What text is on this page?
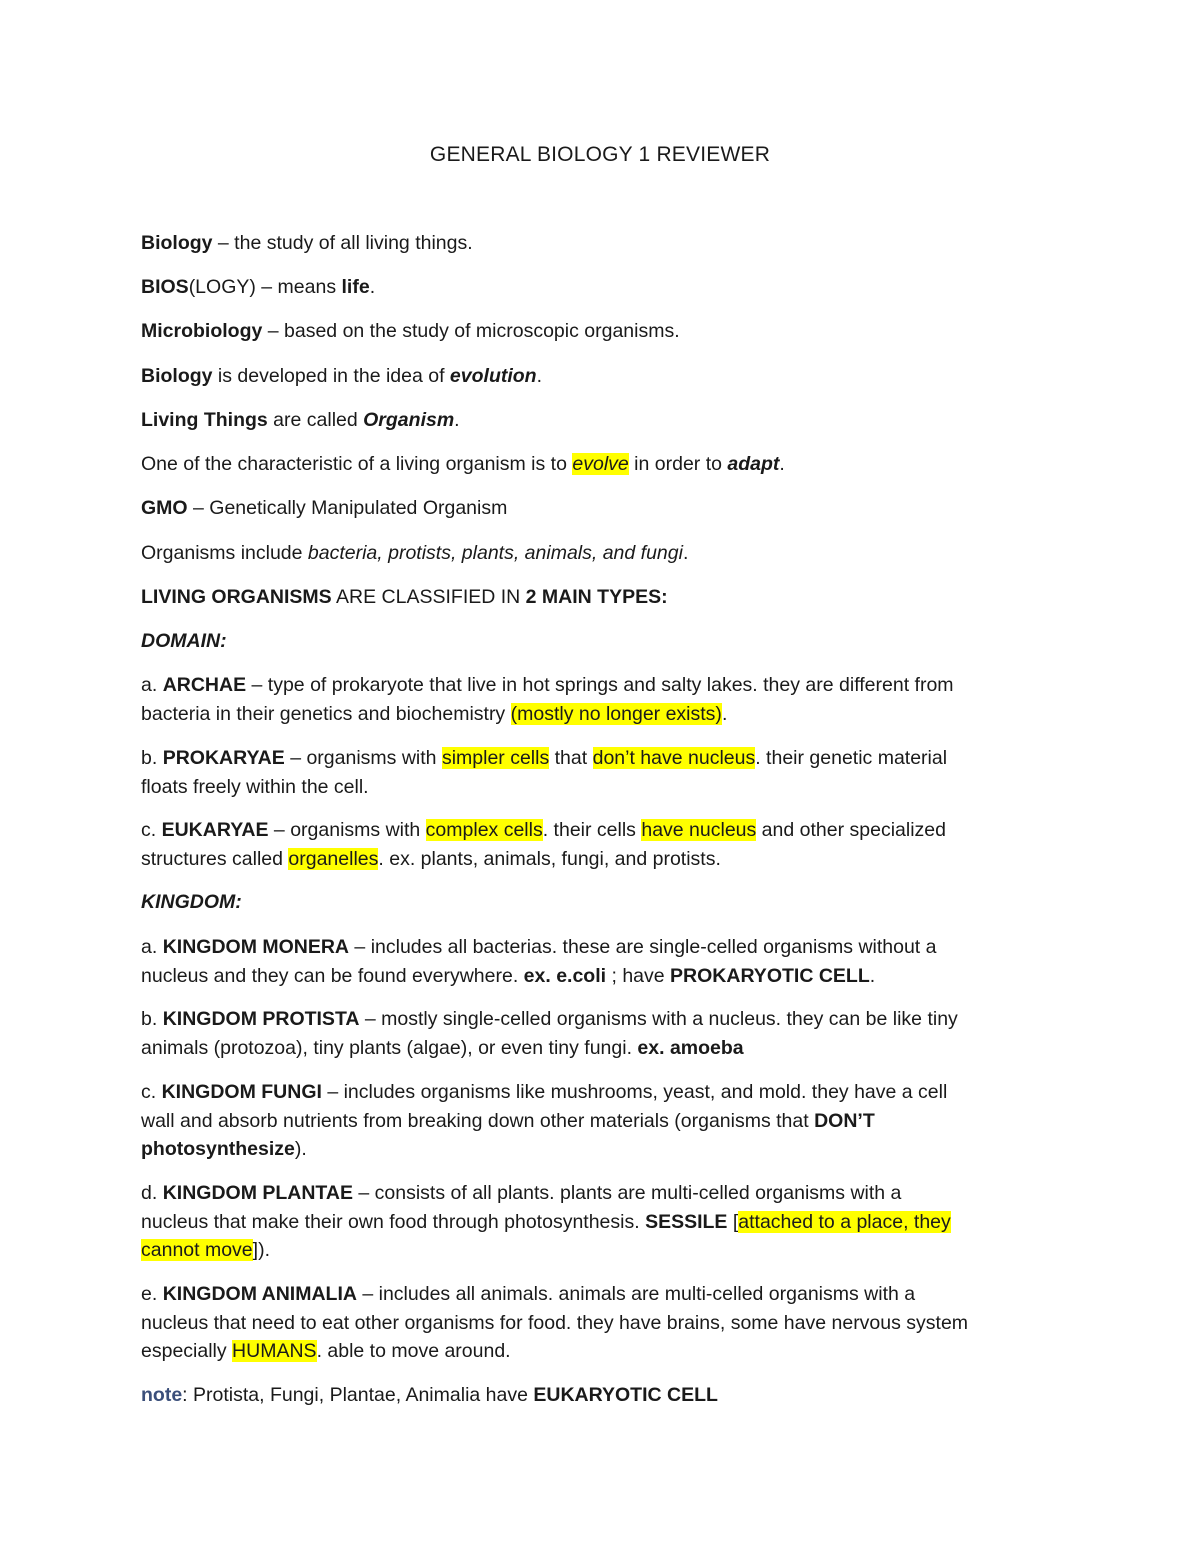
GENERAL BIOLOGY 1 REVIEWER

Biology – the study of all living things.

BIOS(LOGY) – means life.

Microbiology – based on the study of microscopic organisms.

Biology is developed in the idea of evolution.

Living Things are called Organism.

One of the characteristic of a living organism is to evolve in order to adapt.

GMO – Genetically Manipulated Organism

Organisms include bacteria, protists, plants, animals, and fungi.

LIVING ORGANISMS ARE CLASSIFIED IN 2 MAIN TYPES:

DOMAIN:

a. ARCHAE – type of prokaryote that live in hot springs and salty lakes. they are different from
bacteria in their genetics and biochemistry (mostly no longer exists).

b. PROKARYAE – organisms with simpler cells that don’t have nucleus. their genetic material
floats freely within the cell.

c. EUKARYAE – organisms with complex cells. their cells have nucleus and other specialized
structures called organelles. ex. plants, animals, fungi, and protists.

KINGDOM:

a. KINGDOM MONERA – includes all bacterias. these are single-celled organisms without a
nucleus and they can be found everywhere. ex. e.coli ; have PROKARYOTIC CELL.

b. KINGDOM PROTISTA – mostly single-celled organisms with a nucleus. they can be like tiny
animals (protozoa), tiny plants (algae), or even tiny fungi. ex. amoeba

c. KINGDOM FUNGI – includes organisms like mushrooms, yeast, and mold. they have a cell
wall and absorb nutrients from breaking down other materials (organisms that DON’T
photosynthesize).

d. KINGDOM PLANTAE – consists of all plants. plants are multi-celled organisms with a
nucleus that make their own food through photosynthesis. SESSILE [attached to a place, they
cannot move]).

e. KINGDOM ANIMALIA – includes all animals. animals are multi-celled organisms with a
nucleus that need to eat other organisms for food. they have brains, some have nervous system
especially HUMANS. able to move around.

note: Protista, Fungi, Plantae, Animalia have EUKARYOTIC CELL
